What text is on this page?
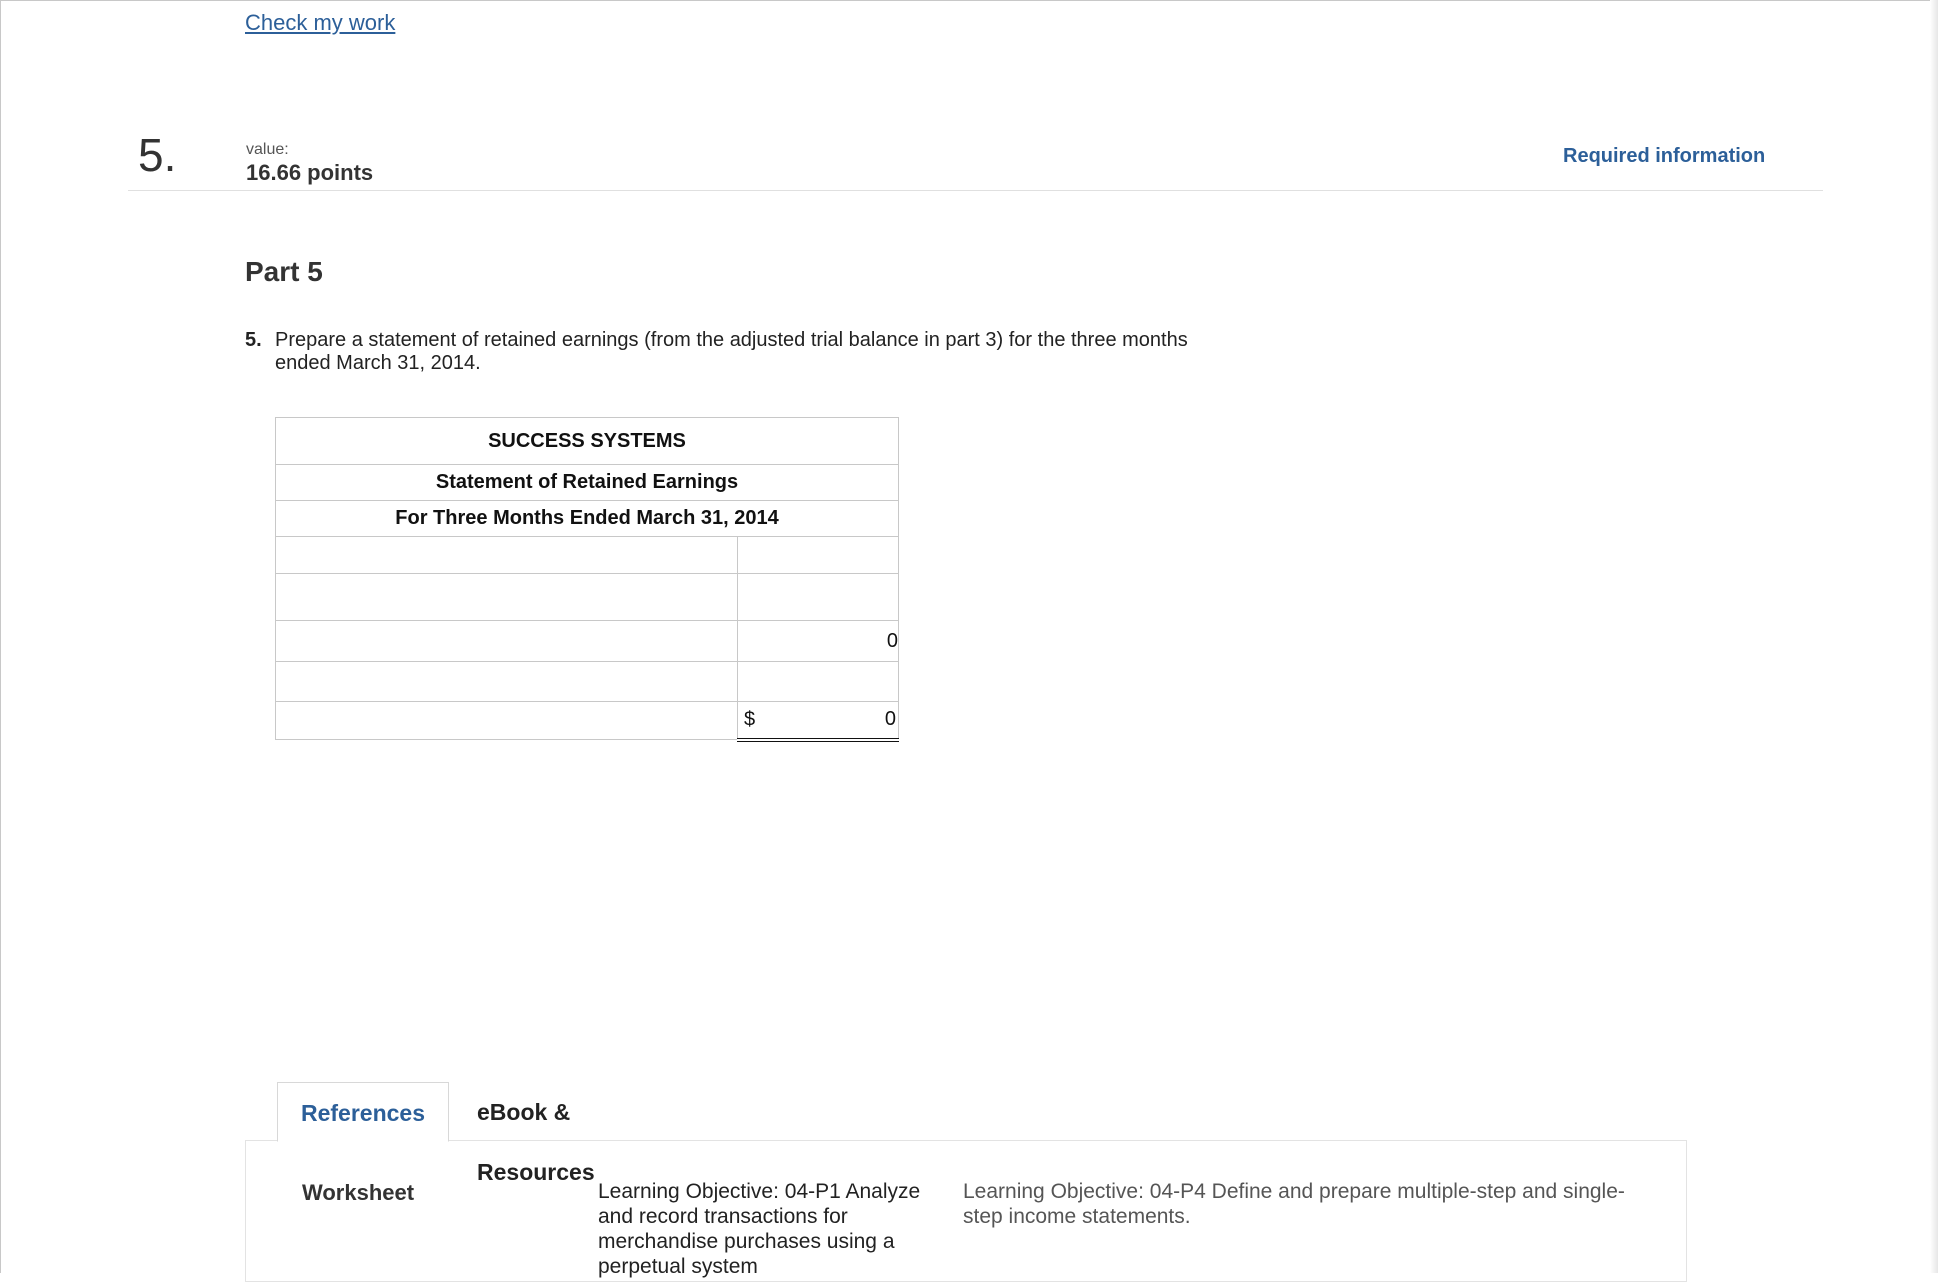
Check my work
5.	value:
16.66 points
Required information
Part 5
5. Prepare a statement of retained earnings (from the adjusted trial balance in part 3) for the three months ended March 31, 2014.
SUCCESS SYSTEMS	
Statement of Retained Earnings	
For Three Months Ended March 31, 2014	

	0

	$ 0
References	eBook & Resources
Worksheet	Learning Objective: 04-P1 Analyze and record transactions for merchandise purchases using a perpetual system
Learning Objective: 04-P4 Define and prepare multiple-step and single-step income statements.
